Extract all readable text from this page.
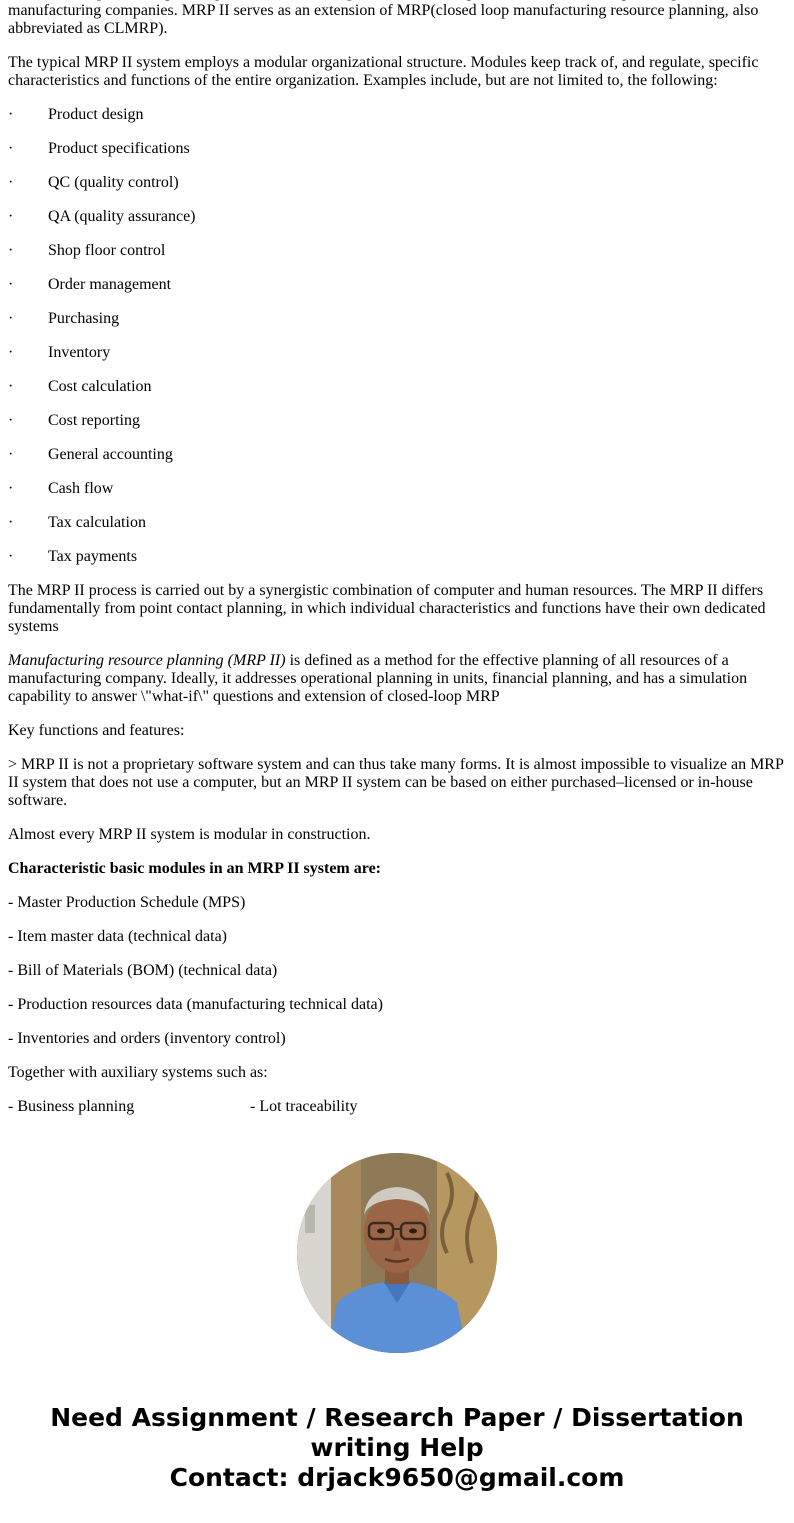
manufacturing companies. MRP II serves as an extension of MRP(closed loop manufacturing resource planning, also abbreviated as CLMRP).

The typical MRP II system employs a modular organizational structure. Modules keep track of, and regulate, specific characteristics and functions of the entire organization. Examples include, but are not limited to, the following:

·	Product design
·	Product specifications
·	QC (quality control)
·	QA (quality assurance)
·	Shop floor control
·	Order management
·	Purchasing
·	Inventory
·	Cost calculation
·	Cost reporting
·	General accounting
·	Cash flow
·	Tax calculation
·	Tax payments

The MRP II process is carried out by a synergistic combination of computer and human resources. The MRP II differs fundamentally from point contact planning, in which individual characteristics and functions have their own dedicated systems

Manufacturing resource planning (MRP II) is defined as a method for the effective planning of all resources of a manufacturing company. Ideally, it addresses operational planning in units, financial planning, and has a simulation capability to answer \"what-if\" questions and extension of closed-loop MRP

Key functions and features:

> MRP II is not a proprietary software system and can thus take many forms. It is almost impossible to visualize an MRP II system that does not use a computer, but an MRP II system can be based on either purchased–licensed or in-house software.

Almost every MRP II system is modular in construction.

Characteristic basic modules in an MRP II system are:

- Master Production Schedule (MPS)

- Item master data (technical data)

- Bill of Materials (BOM) (technical data)

- Production resources data (manufacturing technical data)

- Inventories and orders (inventory control)

Together with auxiliary systems such as:

- Business planning	- Lot traceability
Need Assignment / Research Paper / Dissertation
writing Help
Contact: drjack9650@gmail.com
